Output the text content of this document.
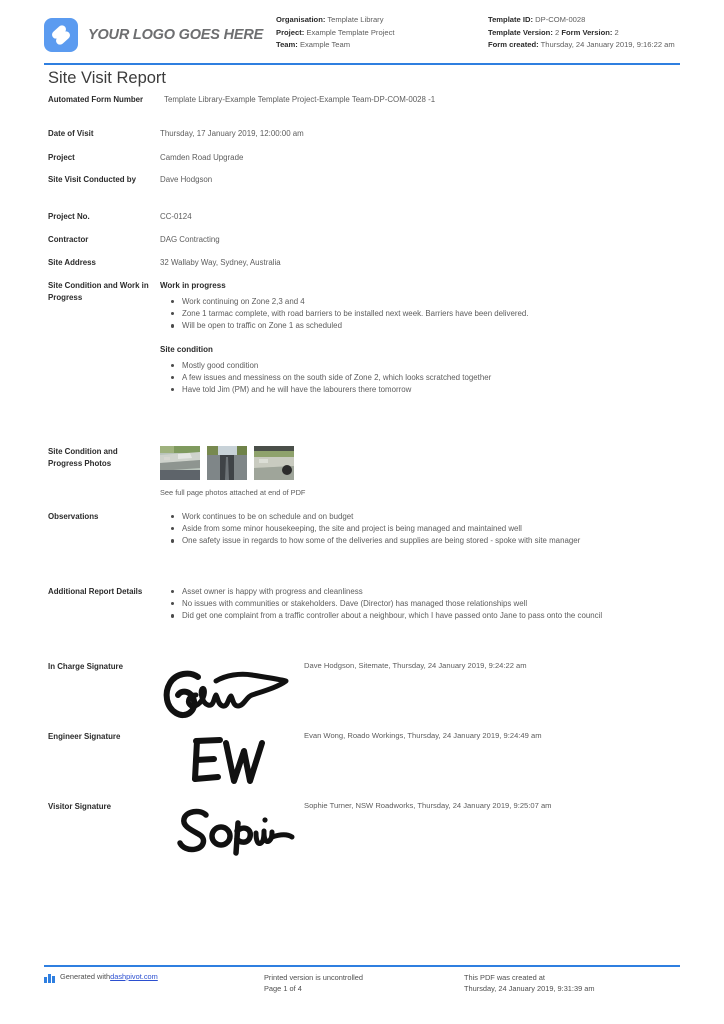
YOUR LOGO GOES HERE
Organisation: Template Library
Project: Example Template Project
Team: Example Team
Template ID: DP-COM-0028
Template Version: 2 Form Version: 2
Form created: Thursday, 24 January 2019, 9:16:22 am
Site Visit Report
Automated Form Number	Template Library-Example Template Project-Example Team-DP-COM-0028 -1
Date of Visit	Thursday, 17 January 2019, 12:00:00 am
Project	Camden Road Upgrade
Site Visit Conducted by	Dave Hodgson
Project No.	CC-0124
Contractor	DAG Contracting
Site Address	32 Wallaby Way, Sydney, Australia
Site Condition and Work in Progress
Work in progress
Work continuing on Zone 2,3 and 4
Zone 1 tarmac complete, with road barriers to be installed next week. Barriers have been delivered.
Will be open to traffic on Zone 1 as scheduled
Site condition
Mostly good condition
A few issues and messiness on the south side of Zone 2, which looks scratched together
Have told Jim (PM) and he will have the labourers there tomorrow
Site Condition and Progress Photos
See full page photos attached at end of PDF
Observations	Work continues to be on schedule and on budget
Aside from some minor housekeeping, the site and project is being managed and maintained well
One safety issue in regards to how some of the deliveries and supplies are being stored - spoke with site manager
Additional Report Details	Asset owner is happy with progress and cleanliness
No issues with communities or stakeholders. Dave (Director) has managed those relationships well
Did get one complaint from a traffic controller about a neighbour, which I have passed onto Jane to pass onto the council
In Charge Signature	Dave Hodgson, Sitemate, Thursday, 24 January 2019, 9:24:22 am
Engineer Signature	Evan Wong, Roado Workings, Thursday, 24 January 2019, 9:24:49 am
Visitor Signature	Sophie Turner, NSW Roadworks, Thursday, 24 January 2019, 9:25:07 am
Generated with dashpivot.com	Printed version is uncontrolled
Page 1 of 4
This PDF was created at
Thursday, 24 January 2019, 9:31:39 am
